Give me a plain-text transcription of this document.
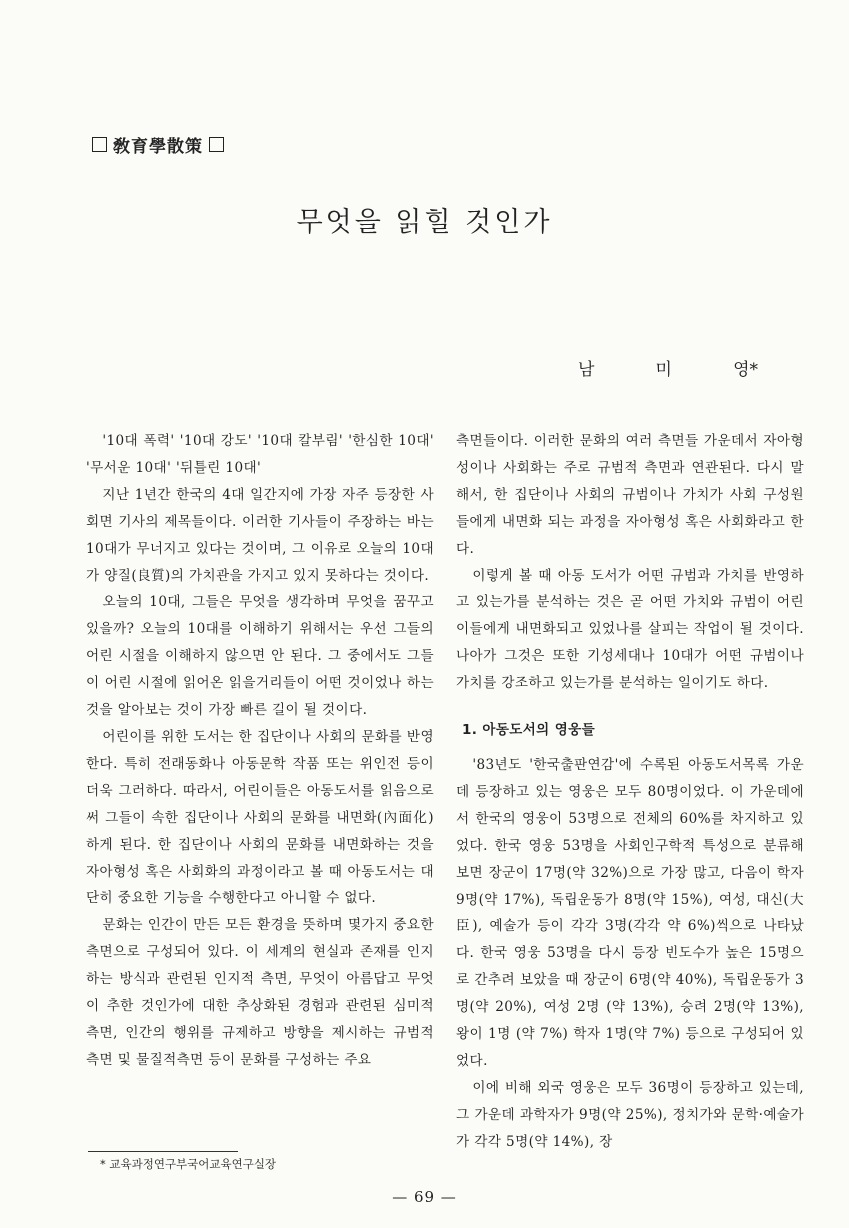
敎育學散策
무엇을 읽힐 것인가
남	미	영*

'10대 폭력' '10대 강도' '10대 칼부림' '한심한 10대' '무서운 10대' '뒤틀린 10대'

지난 1년간 한국의 4대 일간지에 가장 자주 등장한 사회면 기사의 제목들이다. 이러한 기사들이 주장하는 바는 10대가 무너지고 있다는 것이며, 그 이유로 오늘의 10대가 양질(良質)의 가치관을 가지고 있지 못하다는 것이다.

오늘의 10대, 그들은 무엇을 생각하며 무엇을 꿈꾸고 있을까? 오늘의 10대를 이해하기 위해서는 우선 그들의 어린 시절을 이해하지 않으면 안 된다. 그 중에서도 그들이 어린 시절에 읽어온 읽을거리들이 어떤 것이었나 하는 것을 알아보는 것이 가장 빠른 길이 될 것이다.

어린이를 위한 도서는 한 집단이나 사회의 문화를 반영한다. 특히 전래동화나 아동문학 작품 또는 위인전 등이 더욱 그러하다. 따라서, 어린이들은 아동도서를 읽음으로써 그들이 속한 집단이나 사회의 문화를 내면화(內面化)하게 된다. 한 집단이나 사회의 문화를 내면화하는 것을 자아형성 혹은 사회화의 과정이라고 볼 때 아동도서는 대단히 중요한 기능을 수행한다고 아니할 수 없다.

문화는 인간이 만든 모든 환경을 뜻하며 몇가지 중요한 측면으로 구성되어 있다. 이 세계의 현실과 존재를 인지하는 방식과 관련된 인지적 측면, 무엇이 아름답고 무엇이 추한 것인가에 대한 추상화된 경험과 관련된 심미적 측면, 인간의 행위를 규제하고 방향을 제시하는 규범적 측면 및 물질적측면 등이 문화를 구성하는 주요

측면들이다. 이러한 문화의 여러 측면들 가운데서 자아형성이나 사회화는 주로 규범적 측면과 연관된다. 다시 말해서, 한 집단이나 사회의 규범이나 가치가 사회 구성원들에게 내면화 되는 과정을 자아형성 혹은 사회화라고 한다.

이렇게 볼 때 아동 도서가 어떤 규범과 가치를 반영하고 있는가를 분석하는 것은 곧 어떤 가치와 규범이 어린이들에게 내면화되고 있었나를 살피는 작업이 될 것이다. 나아가 그것은 또한 기성세대나 10대가 어떤 규범이나 가치를 강조하고 있는가를 분석하는 일이기도 하다.

1. 아동도서의 영웅들

'83년도 '한국출판연감'에 수록된 아동도서목록 가운데 등장하고 있는 영웅은 모두 80명이었다. 이 가운데에서 한국의 영웅이 53명으로 전체의 60%를 차지하고 있었다. 한국 영웅 53명을 사회인구학적 특성으로 분류해 보면 장군이 17명(약 32%)으로 가장 많고, 다음이 학자 9명(약 17%), 독립운동가 8명(약 15%), 여성, 대신(大臣), 예술가 등이 각각 3명(각각 약 6%)씩으로 나타났다. 한국 영웅 53명을 다시 등장 빈도수가 높은 15명으로 간추려 보았을 때 장군이 6명(약 40%), 독립운동가 3명(약 20%), 여성 2명 (약 13%), 승려 2명(약 13%), 왕이 1명 (약 7%) 학자 1명(약 7%) 등으로 구성되어 있었다.

이에 비해 외국 영웅은 모두 36명이 등장하고 있는데, 그 가운데 과학자가 9명(약 25%), 정치가와 문학·예술가가 각각 5명(약 14%), 장

* 교육과정연구부국어교육연구실장
— 69 —
